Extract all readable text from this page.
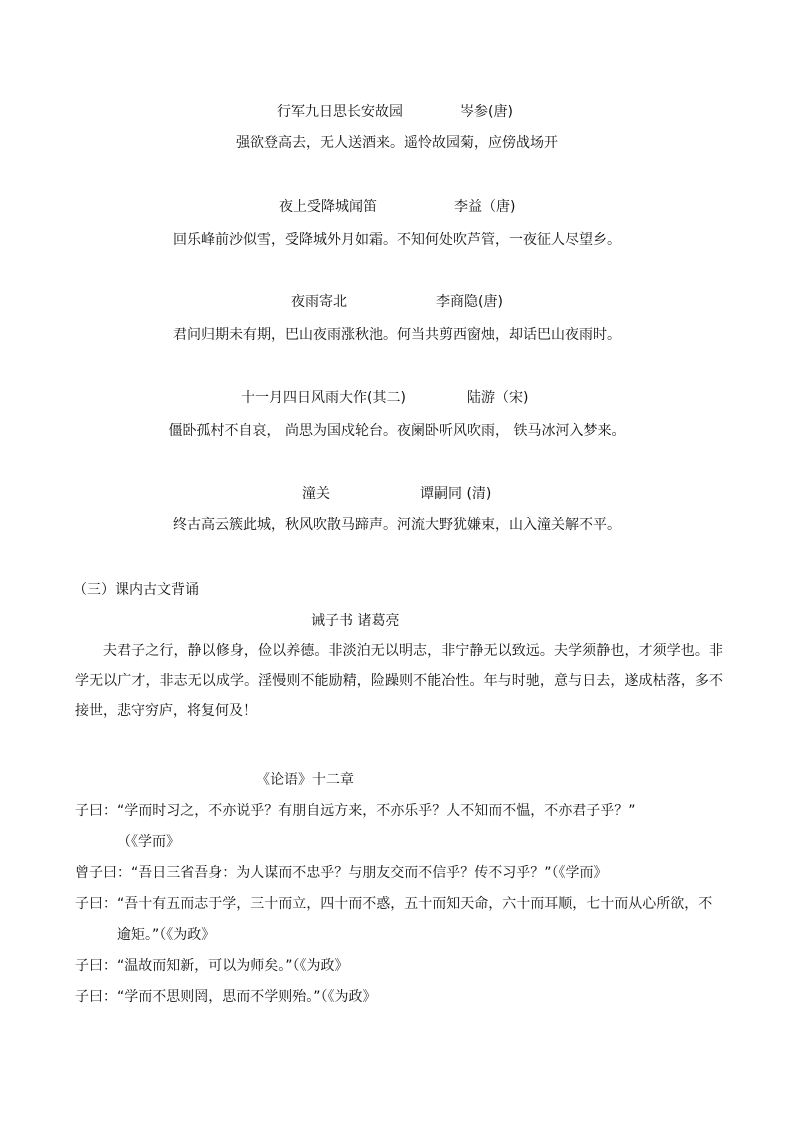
行军九日思长安故园	岑参(唐)
强欲登高去，无人送酒来。遥怜故园菊，应傍战场开
夜上受降城闻笛	李益（唐)
回乐峰前沙似雪，受降城外月如霜。不知何处吹芦管，一夜征人尽望乡。
夜雨寄北	李商隐(唐)
君问归期未有期，巴山夜雨涨秋池。何当共剪西窗烛，却话巴山夜雨时。
十一月四日风雨大作(其二)	陆游（宋)
僵卧孤村不自哀， 尚思为国戍轮台。夜阑卧听风吹雨， 铁马冰河入梦来。
潼关	谭嗣同 (清)
终古高云簇此城，秋风吹散马蹄声。河流大野犹嫌束，山入潼关解不平。
（三）课内古文背诵
诫子书 诸葛亮
夫君子之行，静以修身，俭以养德。非淡泊无以明志，非宁静无以致远。夫学须静也，才须学也。非学无以广才，非志无以成学。淫慢则不能励精，险躁则不能冶性。年与时驰，意与日去，遂成枯落，多不接世，悲守穷庐，将复何及！
《论语》十二章
子曰：“学而时习之，不亦说乎？有朋自远方来，不亦乐乎？人不知而不愠，不亦君子乎？”　　　　　（《学而》
曾子曰：“吾日三省吾身：为人谋而不忠乎？与朋友交而不信乎？传不习乎？”（《学而》
子曰：“吾十有五而志于学，三十而立，四十而不惑，五十而知天命，六十而耳顺，七十而从心所欲，不逾矩。”（《为政》
子曰：“温故而知新，可以为师矣。”（《为政》
子曰：“学而不思则罔，思而不学则殆。”（《为政》
